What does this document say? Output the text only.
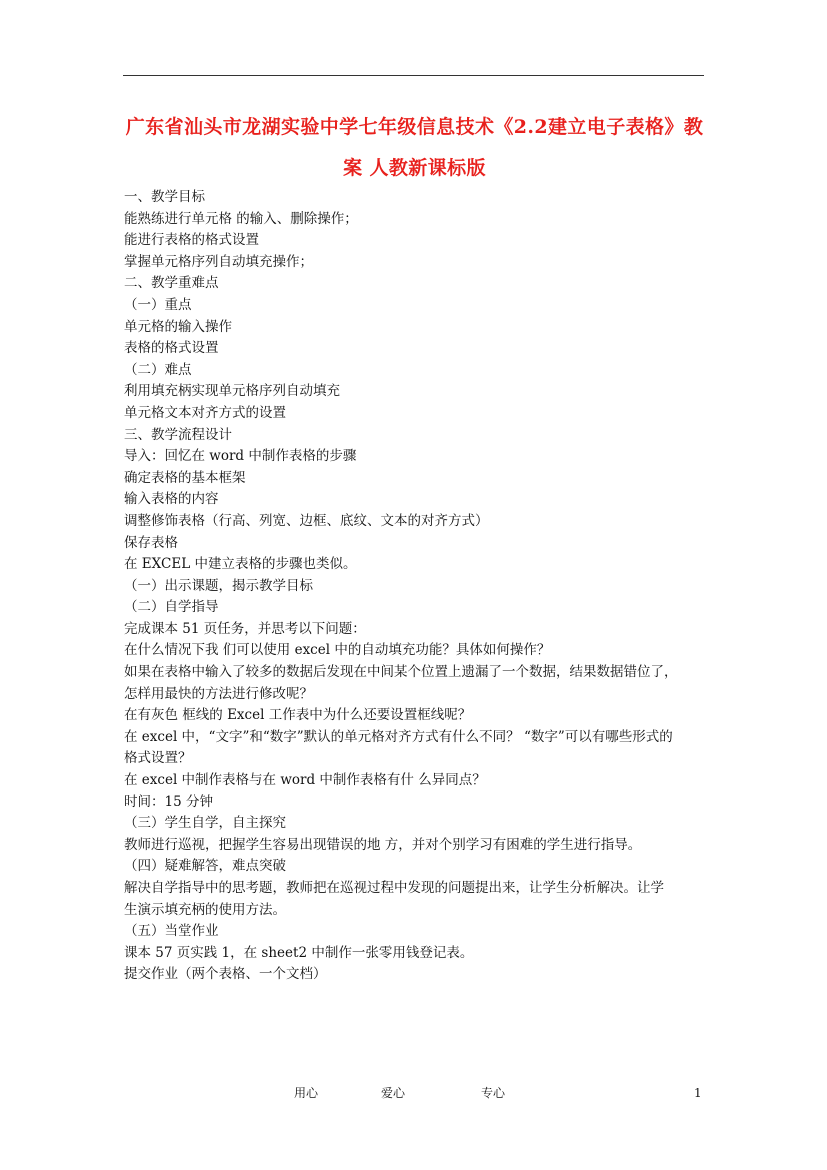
广东省汕头市龙湖实验中学七年级信息技术《2.2建立电子表格》教
案 人教新课标版
一、教学目标
能熟练进行单元格 的输入、删除操作；
能进行表格的格式设置
掌握单元格序列自动填充操作；
二、教学重难点
（一）重点
单元格的输入操作
表格的格式设置
（二）难点
利用填充柄实现单元格序列自动填充
单元格文本对齐方式的设置
三、教学流程设计
导入：回忆在 word 中制作表格的步骤
确定表格的基本框架
输入表格的内容
调整修饰表格（行高、列宽、边框、底纹、文本的对齐方式）
保存表格
在 EXCEL 中建立表格的步骤也类似。
（一）出示课题，揭示教学目标
（二）自学指导
完成课本 51 页任务，并思考以下问题：
在什么情况下我 们可以使用 excel 中的自动填充功能？具体如何操作？
如果在表格中输入了较多的数据后发现在中间某个位置上遗漏了一个数据，结果数据错位了，
怎样用最快的方法进行修改呢？
在有灰色 框线的 Excel 工作表中为什么还要设置框线呢？
在 excel 中，“文字”和“数字”默认的单元格对齐方式有什么不同？ “数字”可以有哪些形式的
格式设置？
在 excel 中制作表格与在 word 中制作表格有什 么异同点？
时间：15 分钟
（三）学生自学，自主探究
教师进行巡视，把握学生容易出现错误的地 方，并对个别学习有困难的学生进行指导。
（四）疑难解答，难点突破
解决自学指导中的思考题，教师把在巡视过程中发现的问题提出来，让学生分析解决。让学
生演示填充柄的使用方法。
（五）当堂作业
课本 57 页实践 1，在 sheet2 中制作一张零用钱登记表。
提交作业（两个表格、一个文档）
用心	爱心	专心	1
